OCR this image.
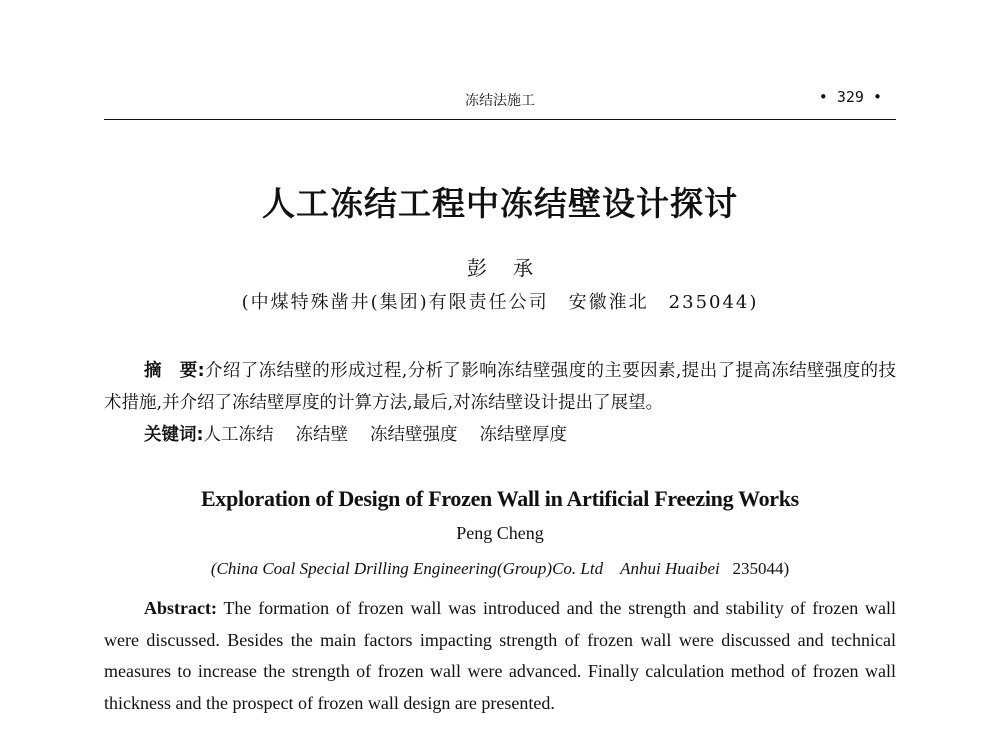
冻结法施工	• 329 •
人工冻结工程中冻结壁设计探讨
彭承
(中煤特殊凿井(集团)有限责任公司　安徽淮北　235044)
摘　要:介绍了冻结壁的形成过程,分析了影响冻结壁强度的主要因素,提出了提高冻结壁强度的技术措施,并介绍了冻结壁厚度的计算方法,最后,对冻结壁设计提出了展望。
关键词:人工冻结 冻结壁 冻结壁强度 冻结壁厚度
Exploration of Design of Frozen Wall in Artificial Freezing Works
Peng Cheng
(China Coal Special Drilling Engineering(Group)Co. Ltd　Anhui Huaibei 235044)
Abstract: The formation of frozen wall was introduced and the strength and stability of frozen wall were discussed. Besides the main factors impacting strength of frozen wall were discussed and technical measures to increase the strength of frozen wall were advanced. Finally calculation method of frozen wall thickness and the prospect of frozen wall design are presented.
